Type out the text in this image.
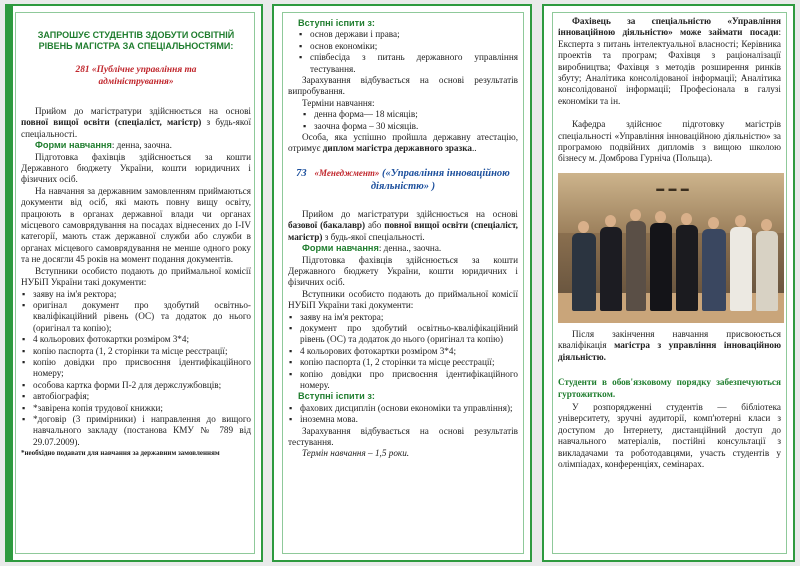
ЗАПРОШУЄ СТУДЕНТІВ ЗДОБУТИ ОСВІТНІЙ РІВЕНЬ МАГІСТРА ЗА СПЕЦІАЛЬНОСТЯМИ:
281 «Публічне управління та адміністрування»

Прийом до магістратури здійснюється на основі повної вищої освіти (спеціаліст, магістр) з будь-якої спеціальності.

Форми навчання: денна, заочна.

Підготовка фахівців здійснюється за кошти Державного бюджету України, кошти юридичних і фізичних осіб.

На навчання за державним замовленням приймаються документи від осіб, які мають повну вищу освіту, працюють в органах державної влади чи органах місцевого самоврядування на посадах віднесених до I-IV категорії, мають стаж державної служби або служби в органах місцевого самоврядування не менше одного року та не досягли 45 років на момент подання документів.

Вступники особисто подають до приймальної комісії НУБіП України такі документи:

▪ заяву на ім'я ректора;
▪ оригінал документ про здобутий освітньо-кваліфікаційний рівень (ОС) та додаток до нього (оригінал та копію);
▪ 4 кольорових фотокартки розміром 3*4;
▪ копію паспорта (1, 2 сторінки та місце реєстрації;
▪ копію довідки про присвоєння ідентифікаційного номеру;
▪ особова картка форми П-2 для держслужбовців;
▪ автобіографія;
▪ *завірена копія трудової книжки;
▪ *договір (3 примірники) і направлення до вищого навчального закладу (постанова КМУ № 789 від 29.07.2009).
*необхідно подавати для навчання за державним замовленням
Вступні іспити з:
▪ основ держави і права;
▪ основ економіки;
▪ співбесіда з питань державного управління тестування.

Зарахування відбувається на основі результатів випробування.

Терміни навчання:
▪ денна форма— 18 місяців;
▪ заочна форма – 30 місяців.

Особа, яка успішно пройшла державну атестацію, отримує диплом магістра державного зразка..

73 «Менеджмент» («Управління інноваційною діяльністю» )

Прийом до магістратури здійснюється на основі базової (бакалавр) або повної вищої освіти (спеціаліст, магістр) з будь-якої спеціальності.

Форми навчання: денна., заочна.

Підготовка фахівців здійснюється за кошти Державного бюджету України, кошти юридичних і фізичних осіб.

Вступники особисто подають до приймальної комісії НУБіП України такі документи:

▪ заяву на ім'я ректора;
▪ документ про здобутий освітньо-кваліфікаційний рівень (ОС) та додаток до нього (оригінал та копію)
▪ 4 кольорових фотокартки розміром 3*4;
▪ копію паспорта (1, 2 сторінки та місце реєстрації;
▪ копію довідки про присвоєння ідентифікаційного номеру.
Вступні іспити з:
▪ фахових дисциплін (основи економіки та управління);
▪ іноземна мова.

Зарахування відбувається на основі результатів тестування.

Термін навчання – 1,5 роки.

Фахівець за спеціальністю «Управління інноваційною діяльністю» може займати посади: Експерта з питань інтелектуальної власності; Керівника проектів та програм; Фахівця з раціоналізації виробництва; Фахівця з методів розширення ринків збуту; Аналітика консолідованої інформації; Аналітика консолідованої інформації; Професіонала в галузі економіки та ін.

Кафедра здійснює підготовку магістрів спеціальності «Управління інноваційною діяльністю» за програмою подвійних дипломів з вищою школою бізнесу м. Домброва Гурніча (Польща).

▬ ▬ ▬

Після закінчення навчання присвоюється кваліфікація магістра з управління інноваційною діяльністю.

Студенти в обов'язковому порядку забезпечуються гуртожитком.

У розпорядженні студентів — бібліотека університету, зручні аудиторії, комп'ютерні класи з доступом до Інтернету, дистанційний доступ до навчального матеріалів, постійні консультації з викладачами та роботодавцями, участь студентів у олімпіадах, конференціях, семінарах.
